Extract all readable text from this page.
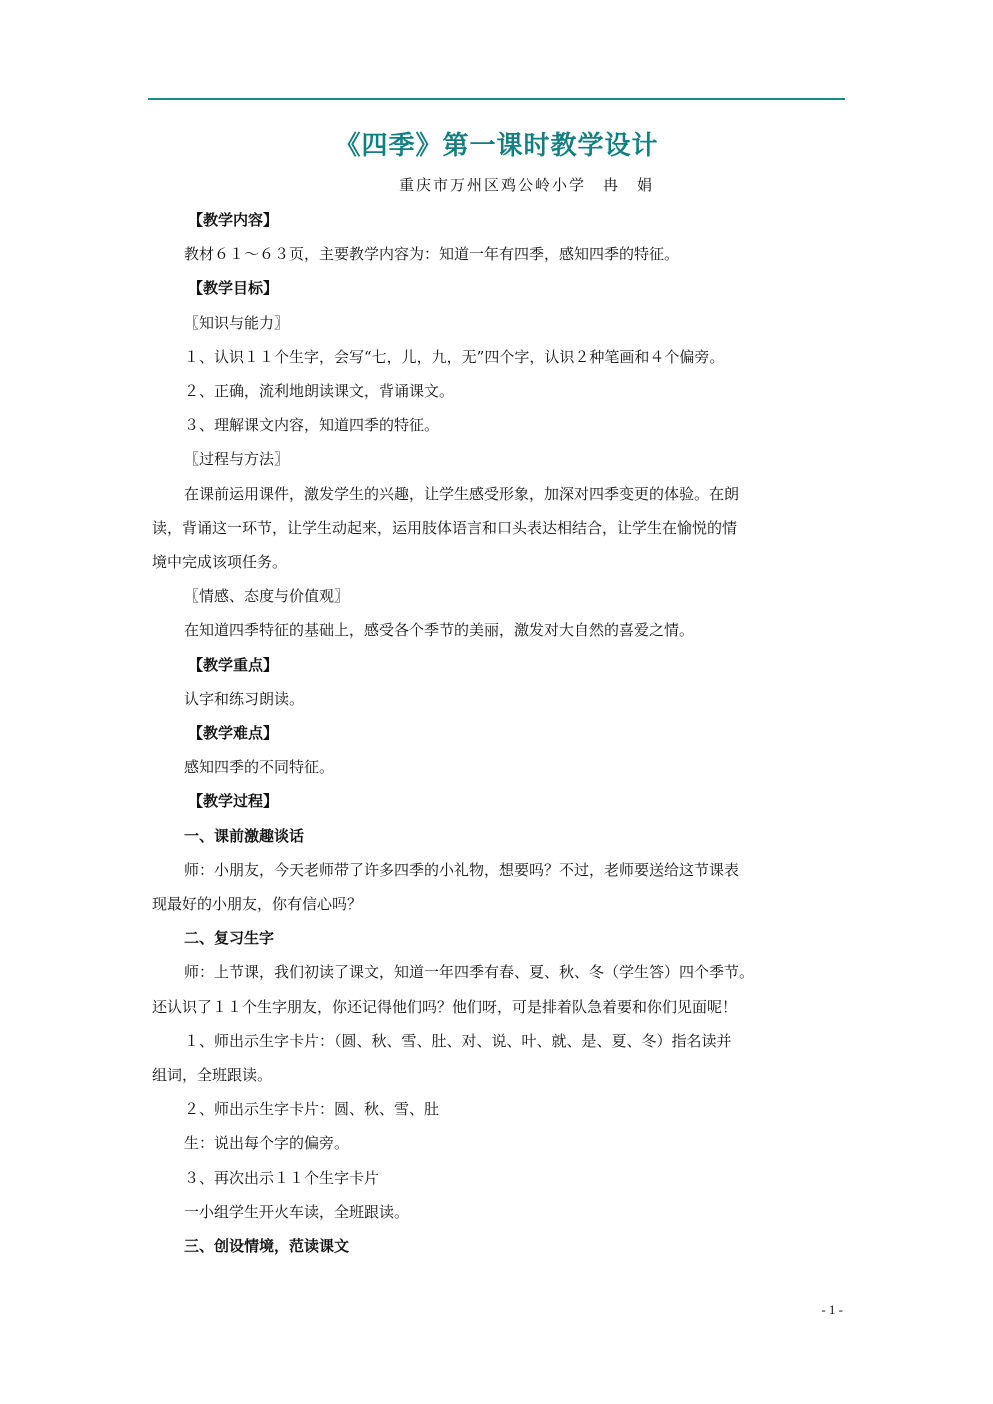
《四季》第一课时教学设计
重庆市万州区鸡公岭小学　冉　娟

【教学内容】

教材６１～６３页，主要教学内容为：知道一年有四季，感知四季的特征。

【教学目标】

〖知识与能力〗

１、认识１１个生字，会写“七，儿，九，无”四个字，认识２种笔画和４个偏旁。

２、正确，流利地朗读课文，背诵课文。

３、理解课文内容，知道四季的特征。

〖过程与方法〗

在课前运用课件，激发学生的兴趣，让学生感受形象，加深对四季变更的体验。在朗

读，背诵这一环节，让学生动起来，运用肢体语言和口头表达相结合，让学生在愉悦的情

境中完成该项任务。

〖情感、态度与价值观〗

在知道四季特征的基础上，感受各个季节的美丽，激发对大自然的喜爱之情。

【教学重点】

认字和练习朗读。

【教学难点】

感知四季的不同特征。

【教学过程】

一、课前激趣谈话

师：小朋友，今天老师带了许多四季的小礼物，想要吗？不过，老师要送给这节课表

现最好的小朋友，你有信心吗？

二、复习生字

师：上节课，我们初读了课文，知道一年四季有春、夏、秋、冬（学生答）四个季节。

还认识了１１个生字朋友，你还记得他们吗？他们呀，可是排着队急着要和你们见面呢！

１、师出示生字卡片：（圆、秋、雪、肚、对、说、叶、就、是、夏、冬）指名读并

组词，全班跟读。

２、师出示生字卡片：圆、秋、雪、肚

生：说出每个字的偏旁。

３、再次出示１１个生字卡片

一小组学生开火车读，全班跟读。

三、创设情境，范读课文

- 1 -
